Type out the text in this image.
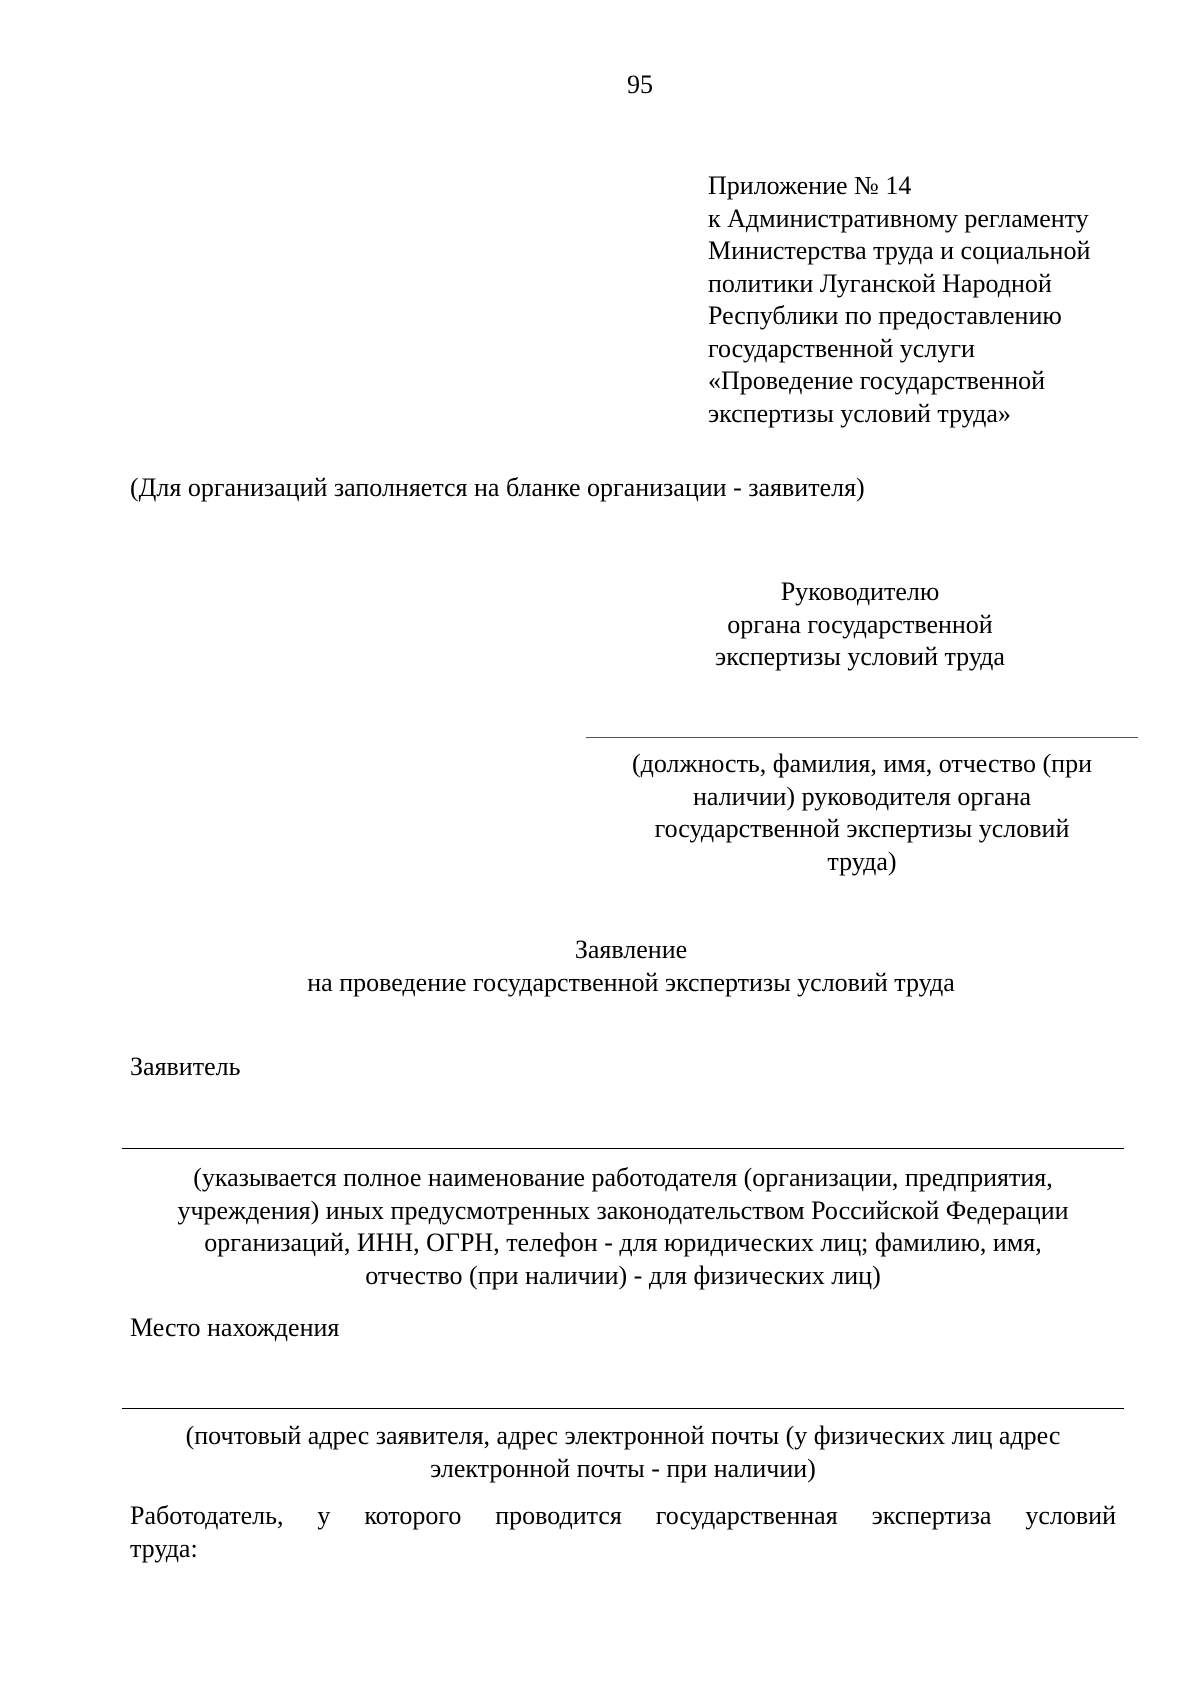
95
Приложение № 14
к Административному регламенту
Министерства труда и социальной
политики Луганской Народной
Республики по предоставлению
государственной услуги
«Проведение государственной
экспертизы условий труда»
(Для организаций заполняется на бланке организации - заявителя)
Руководителю
органа государственной
экспертизы условий труда
(должность, фамилия, имя, отчество (при
наличии) руководителя органа
государственной экспертизы условий
труда)
Заявление
на проведение государственной экспертизы условий труда
Заявитель
(указывается полное наименование работодателя (организации, предприятия,
учреждения) иных предусмотренных законодательством Российской Федерации
организаций, ИНН, ОГРН, телефон - для юридических лиц; фамилию, имя,
отчество (при наличии) - для физических лиц)
Место нахождения
(почтовый адрес заявителя, адрес электронной почты (у физических лиц адрес
электронной почты - при наличии)
Работодатель, у которого проводится государственная экспертиза условий
труда:
